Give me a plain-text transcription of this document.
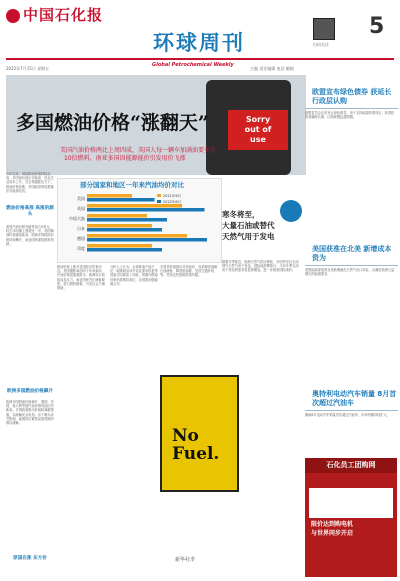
中国石化报
环球周刊	扫码关注
5
Global Petrochemical Weekly
2022年7月15日 星期五	主编 责任编辑 电话 邮箱
Sorry
out of
use
多国燃油价格“涨翻天”
美国汽油价格两比上周四成，英国人每一辆车加满油要多花
10倍燃料，南亚多国因能源能价引发用价飞涨
今年以来，国际燃油价格持续走高，多国油价创历史新高，民众生活成本上升。在全球通胀压力下，燃油价格高涨，多国政府采取措施应对能源危机。
燃油价格高涨 高涨的源头
美国汽油价格突破每加仑5美元，较去年同期上涨超过一半。英国柴油价格屡创新高，欧洲多国燃油价格持续攀升，南亚国家面临燃料短缺。
欧洲多国燃油价格飙升
欧洲多国燃油价格飙升，德国、法国、意大利等国汽油价格均创历史新高。多国政府推出补贴和减税措施，以缓解民众负担。由于俄乌冲突影响，能源供应紧张局面短期内难以缓解。
原国在涨 东方价
部分国家和地区一年来汽油均价对比
美国
英国
中国大陆
日本
德国
印度
2021年6月
2022年6月
燃油价格上涨对各国经济带来冲击。美国通胀率创四十年来新高，汽油价格是重要推手。欧洲央行面临加息压力，南亚国家外汇储备紧张，进口燃料困难，引发社会不满情绪。
分析人士认为，全球炼油产能不足、地缘政治冲突以及需求恢复等因素共同推高了油价。短期内燃油价格仍将维持高位，各国需加强能源合作。
多国采取措施应对高油价，包括释放战略石油储备、降低燃油税、发放交通补贴等。然而这些措施效果有限。
No
Fuel.
寒冬将至，
大量石油或替代
天然气用于发电
随着冬季临近，欧洲天然气供应紧张，多国考虑以石油替代天然气用于发电。国际能源署预计，今年冬季石油用于发电的需求将显著增加，进一步推高国际油价。
欧盟宣布绿色债券 获延长行政层认购
欧盟委员会宣布发行绿色债券，用于支持能源转型项目，获得投资者踊跃认购，认购规模远超预期。
美国获准在北美 新增成本资为
美国能源部批准北美新增液化天然气出口项目，以满足欧洲日益增长的能源需求。
奥特利电动汽车销量 8月首次超过汽油车
挪威8月电动汽车销量首次超过汽油车，市场份额持续扩大。
石化员工团购网
限价达到购电机
与世界同步开启
新华社李
